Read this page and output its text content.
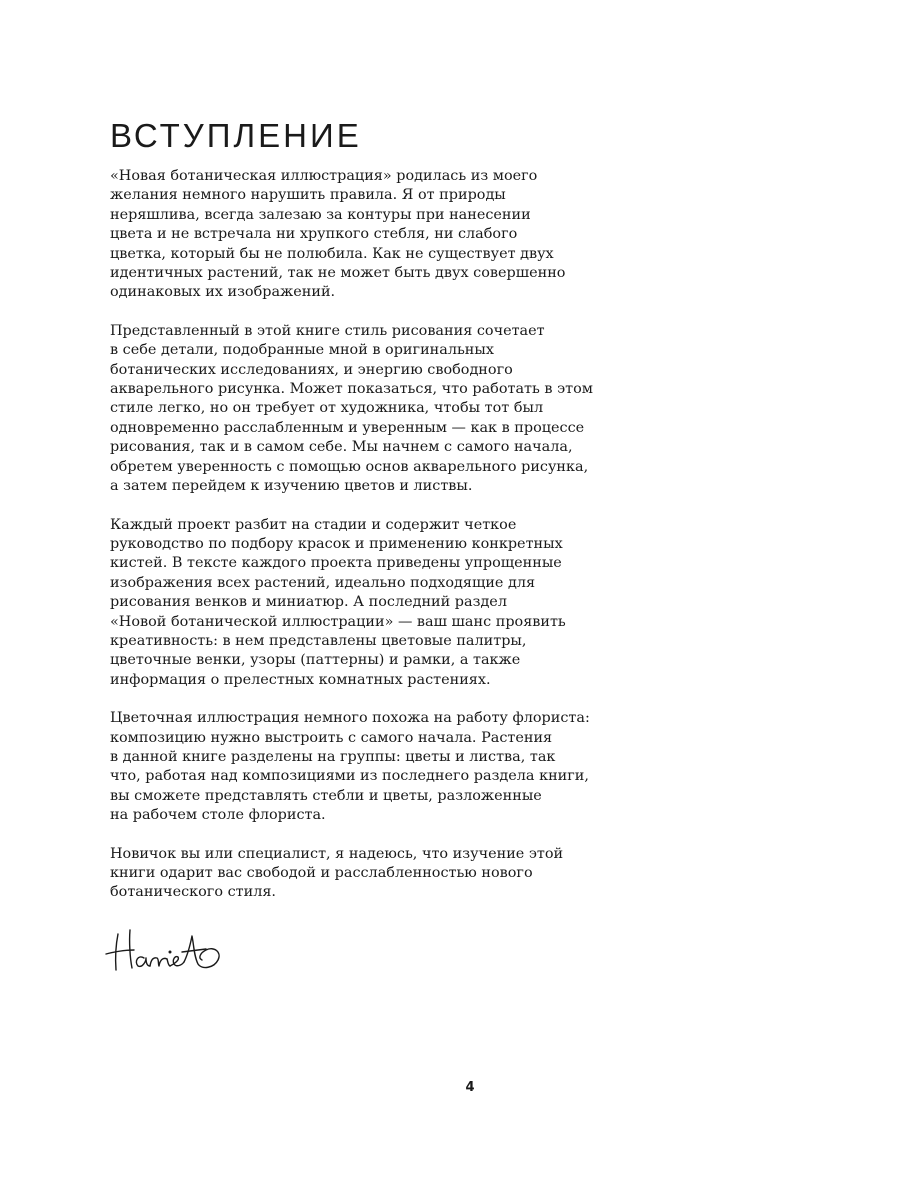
ВСТУПЛЕНИЕ

«Новая ботаническая иллюстрация» родилась из моего
желания немного нарушить правила. Я от природы
неряшлива, всегда залезаю за контуры при нанесении
цвета и не встречала ни хрупкого стебля, ни слабого
цветка, который бы не полюбила. Как не существует двух
идентичных растений, так не может быть двух совершенно
одинаковых их изображений.

Представленный в этой книге стиль рисования сочетает
в себе детали, подобранные мной в оригинальных
ботанических исследованиях, и энергию свободного
акварельного рисунка. Может показаться, что работать в этом
стиле легко, но он требует от художника, чтобы тот был
одновременно расслабленным и уверенным — как в процессе
рисования, так и в самом себе. Мы начнем с самого начала,
обретем уверенность с помощью основ акварельного рисунка,
а затем перейдем к изучению цветов и листвы.

Каждый проект разбит на стадии и содержит четкое
руководство по подбору красок и применению конкретных
кистей. В тексте каждого проекта приведены упрощенные
изображения всех растений, идеально подходящие для
рисования венков и миниатюр. А последний раздел
«Новой ботанической иллюстрации» — ваш шанс проявить
креативность: в нем представлены цветовые палитры,
цветочные венки, узоры (паттерны) и рамки, а также
информация о прелестных комнатных растениях.

Цветочная иллюстрация немного похожа на работу флориста:
композицию нужно выстроить с самого начала. Растения
в данной книге разделены на группы: цветы и листва, так
что, работая над композициями из последнего раздела книги,
вы сможете представлять стебли и цветы, разложенные
на рабочем столе флориста.

Новичок вы или специалист, я надеюсь, что изучение этой
книги одарит вас свободой и расслабленностью нового
ботанического стиля.

4
